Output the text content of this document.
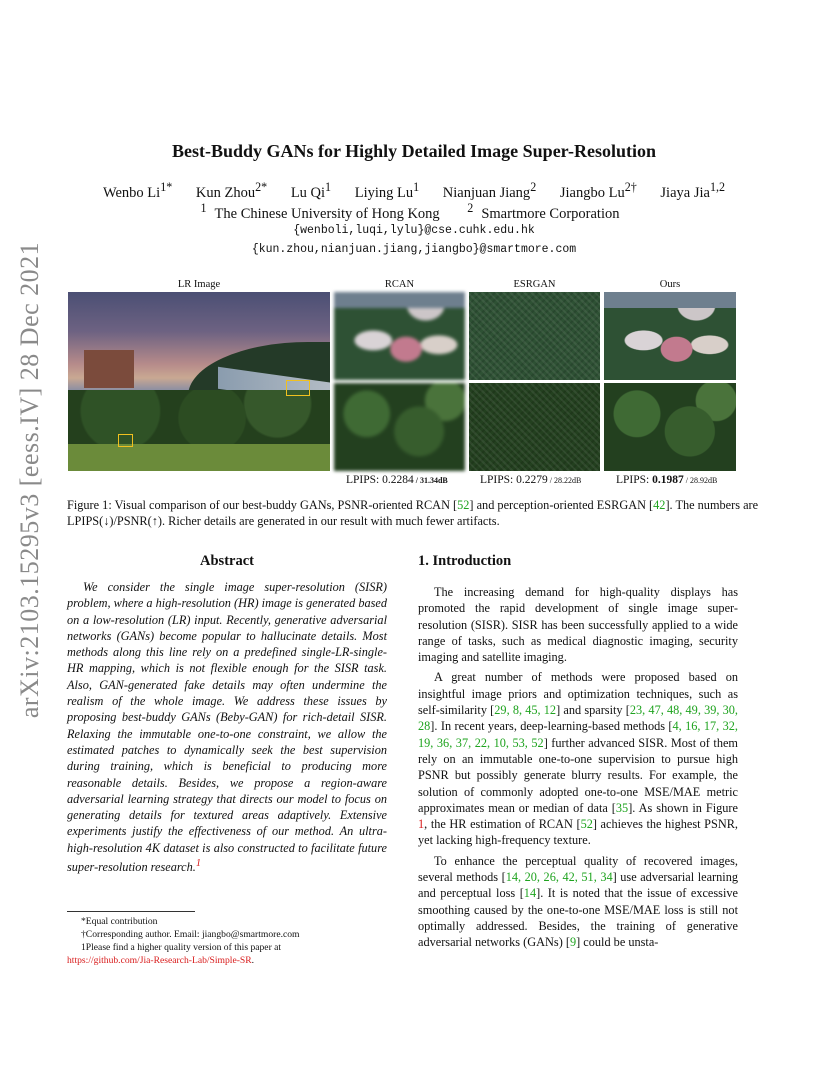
arXiv:2103.15295v3 [eess.IV] 28 Dec 2021
Best-Buddy GANs for Highly Detailed Image Super-Resolution
Wenbo $Li^{1*}$ Kun Zhou$^{2*}$ Lu Qi$^1$ Liying Lu$^1$ Nianjuan Jiang$^2$ Jiangbo $Lu^{2\dagger}$ Jiaya Jia$^{1,2}$
$^1$ The Chinese University of Hong Kong $^2$ Smartmore Corporation
{wenboli,luqi,lylu}@cse.cuhk.edu.hk
{kun.zhou,nianjuan.jiang,jiangbo}@smartmore.com
LR Image	RCAN	ESRGAN	Ours
LPIPS: 0.2284 / 31.34dB	LPIPS: 0.2279 / 28.22dB	LPIPS: 0.1987 / 28.92dB
Figure 1: Visual comparison of our best-buddy GANs, PSNR-oriented RCAN [52] and perception-oriented ESRGAN [42]. The numbers are LPIPS(↓)/PSNR(↑). Richer details are generated in our result with much fewer artifacts.
Abstract
We consider the single image super-resolution (SISR) problem, where a high-resolution (HR) image is generated based on a low-resolution (LR) input. Recently, generative adversarial networks (GANs) become popular to hallucinate details. Most methods along this line rely on a predefined single-LR-single-HR mapping, which is not flexible enough for the SISR task. Also, GAN-generated fake details may often undermine the realism of the whole image. We address these issues by proposing best-buddy GANs (Beby-GAN) for rich-detail SISR. Relaxing the immutable one-to-one constraint, we allow the estimated patches to dynamically seek the best supervision during training, which is beneficial to producing more reasonable details. Besides, we propose a region-aware adversarial learning strategy that directs our model to focus on generating details for textured areas adaptively. Extensive experiments justify the effectiveness of our method. An ultra-high-resolution 4K dataset is also constructed to facilitate future super-resolution research.$^1$
1. Introduction

The increasing demand for high-quality displays has promoted the rapid development of single image super-resolution (SISR). SISR has been successfully applied to a wide range of tasks, such as medical diagnostic imaging, security imaging and satellite imaging.

A great number of methods were proposed based on insightful image priors and optimization techniques, such as self-similarity [29, 8, 45, 12] and sparsity [23, 47, 48, 49, 39, 30, 28]. In recent years, deep-learning-based methods [4, 16, 17, 32, 19, 36, 37, 22, 10, 53, 52] further advanced SISR. Most of them rely on an immutable one-to-one supervision to pursue high PSNR but possibly generate blurry results. For example, the solution of commonly adopted one-to-one MSE/MAE metric approximates mean or median of data [35]. As shown in Figure 1, the HR estimation of RCAN [52] achieves the highest PSNR, yet lacking high-frequency texture.

To enhance the perceptual quality of recovered images, several methods [14, 20, 26, 42, 51, 34] use adversarial learning and perceptual loss [14]. It is noted that the issue of excessive smoothing caused by the one-to-one MSE/MAE loss is still not optimally addressed. Besides, the training of generative adversarial networks (GANs) [9] could be unsta-

*Equal contribution

†Corresponding author. Email: jiangbo@smartmore.com

1Please find a higher quality version of this paper at

https://github.com/Jia-Research-Lab/Simple-SR.
